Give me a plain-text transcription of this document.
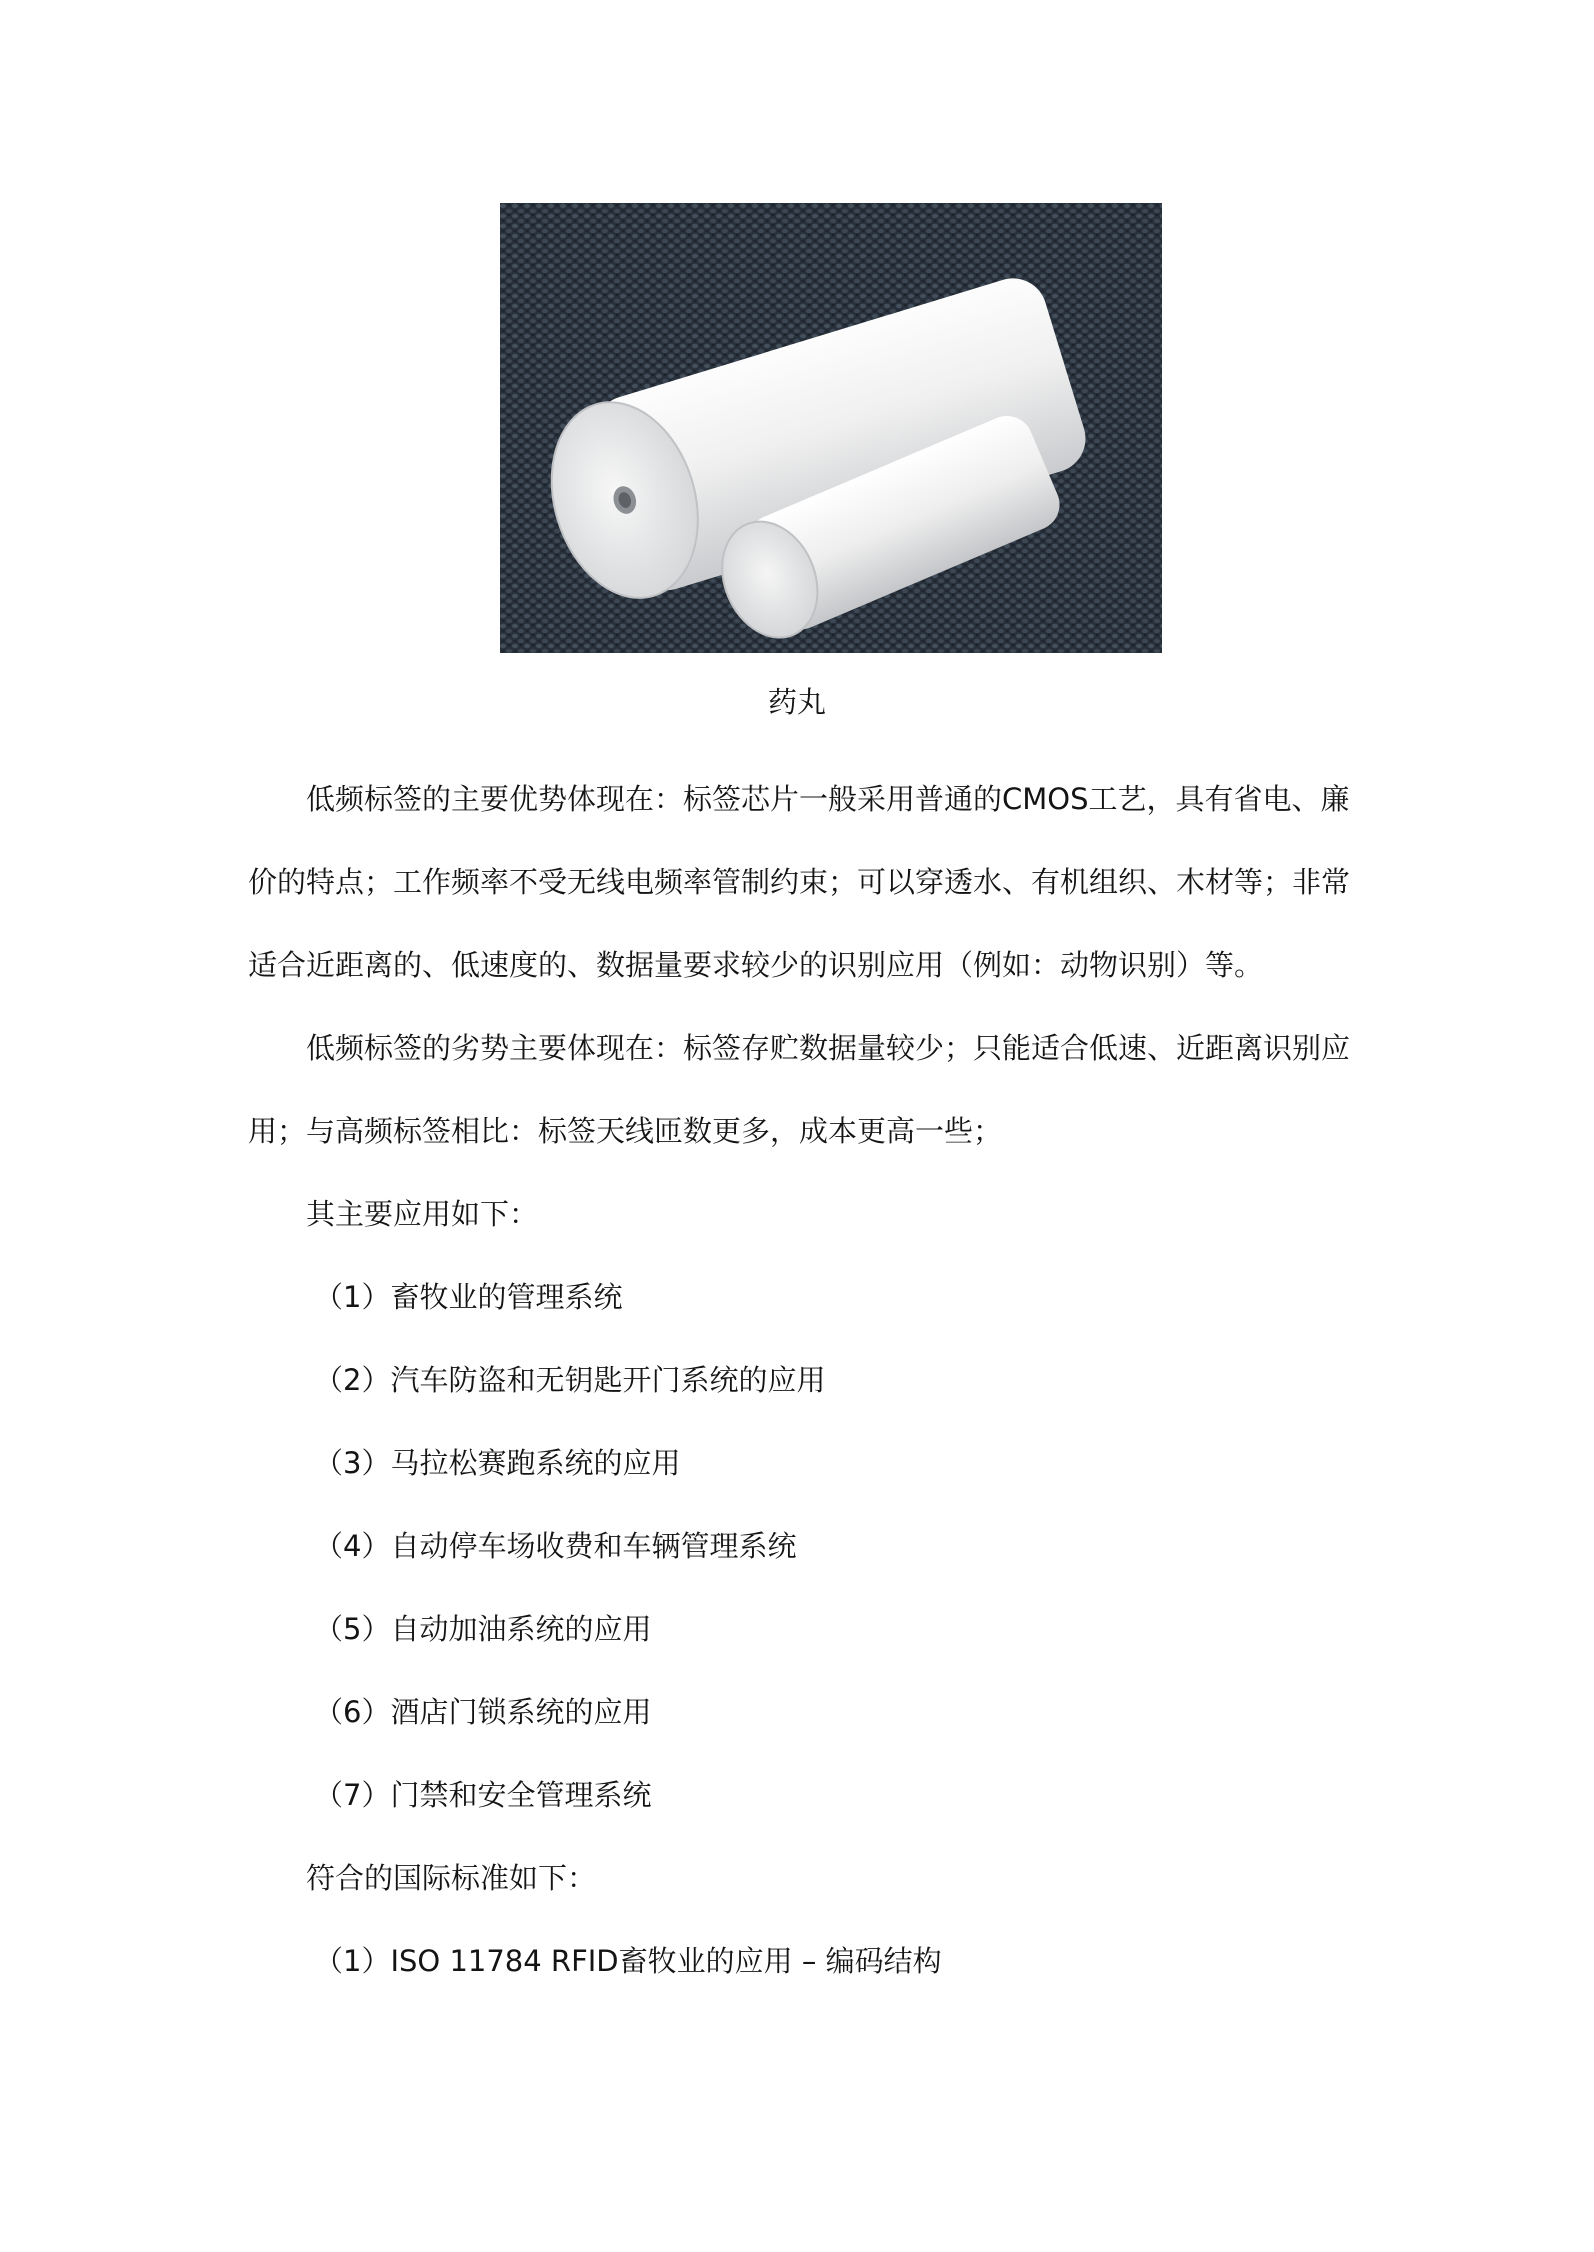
药丸

低频标签的主要优势体现在：标签芯片一般采用普通的CMOS工艺，具有省电、廉价的特点；工作频率不受无线电频率管制约束；可以穿透水、有机组织、木材等；非常适合近距离的、低速度的、数据量要求较少的识别应用（例如：动物识别）等。

低频标签的劣势主要体现在：标签存贮数据量较少；只能适合低速、近距离识别应用；与高频标签相比：标签天线匝数更多，成本更高一些；

其主要应用如下：

（1）畜牧业的管理系统

（2）汽车防盗和无钥匙开门系统的应用

（3）马拉松赛跑系统的应用

（4）自动停车场收费和车辆管理系统

（5）自动加油系统的应用

（6）酒店门锁系统的应用

（7）门禁和安全管理系统

符合的国际标准如下：

（1）ISO 11784 RFID畜牧业的应用 – 编码结构
